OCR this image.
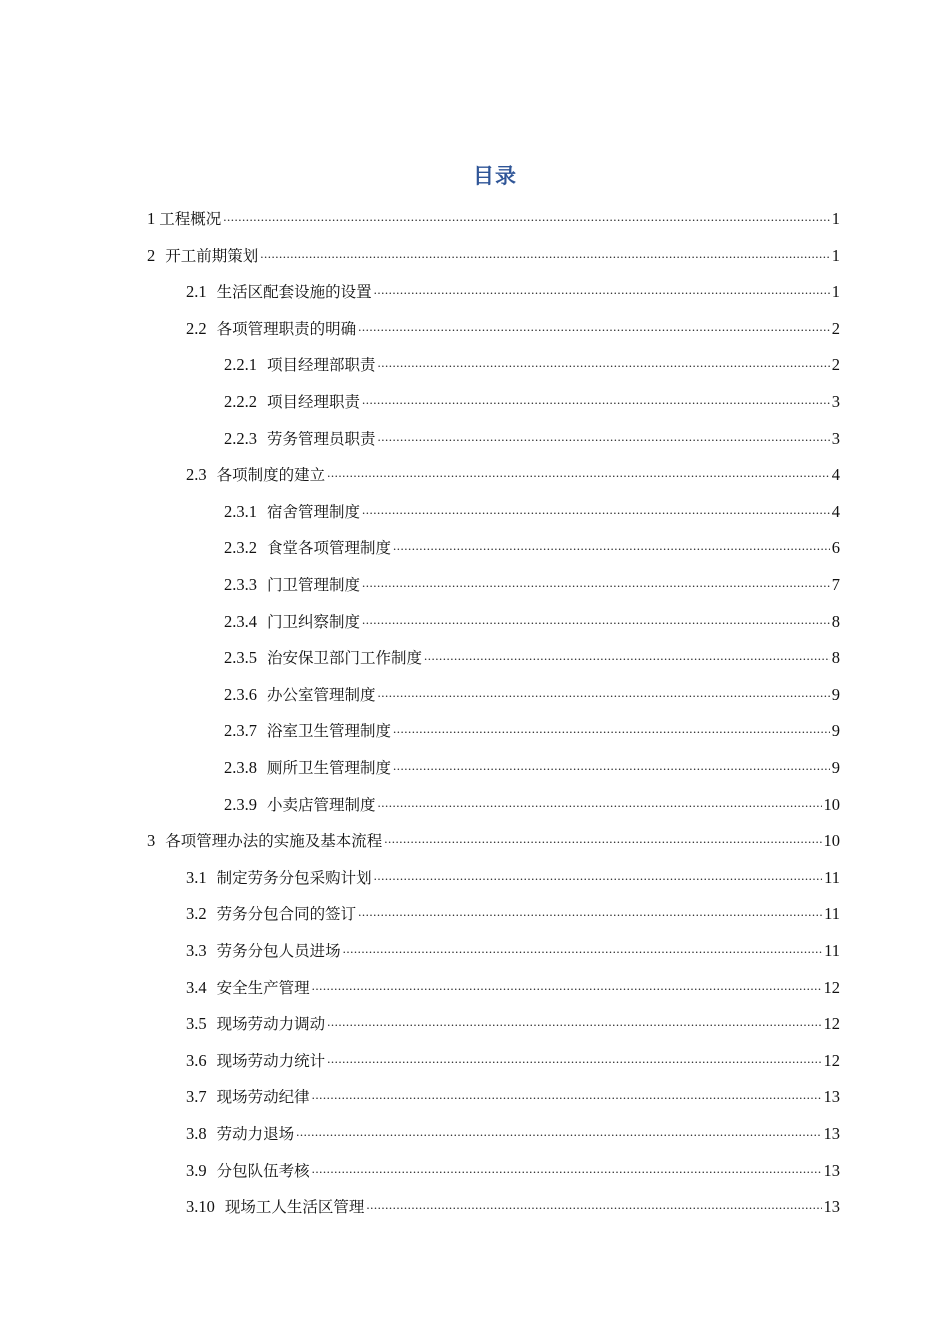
目录
1 工程概况 .....	1
2 开工前期策划 .....	1
2.1 生活区配套设施的设置 .....	1
2.2 各项管理职责的明确 .....	2
2.2.1 项目经理部职责 .....	2
2.2.2 项目经理职责 .....	3
2.2.3 劳务管理员职责 .....	3
2.3 各项制度的建立 .....	4
2.3.1 宿舍管理制度 .....	4
2.3.2 食堂各项管理制度 .....	6
2.3.3 门卫管理制度 .....	7
2.3.4 门卫纠察制度 .....	8
2.3.5 治安保卫部门工作制度 .....	8
2.3.6 办公室管理制度 .....	9
2.3.7 浴室卫生管理制度 .....	9
2.3.8 厕所卫生管理制度 .....	9
2.3.9 小卖店管理制度 .....	10
3 各项管理办法的实施及基本流程 .....	10
3.1 制定劳务分包采购计划 .....	11
3.2 劳务分包合同的签订 .....	11
3.3 劳务分包人员进场 .....	11
3.4 安全生产管理 .....	12
3.5 现场劳动力调动 .....	12
3.6 现场劳动力统计 .....	12
3.7 现场劳动纪律 .....	13
3.8 劳动力退场 .....	13
3.9 分包队伍考核 .....	13
3.10 现场工人生活区管理 .....	13
